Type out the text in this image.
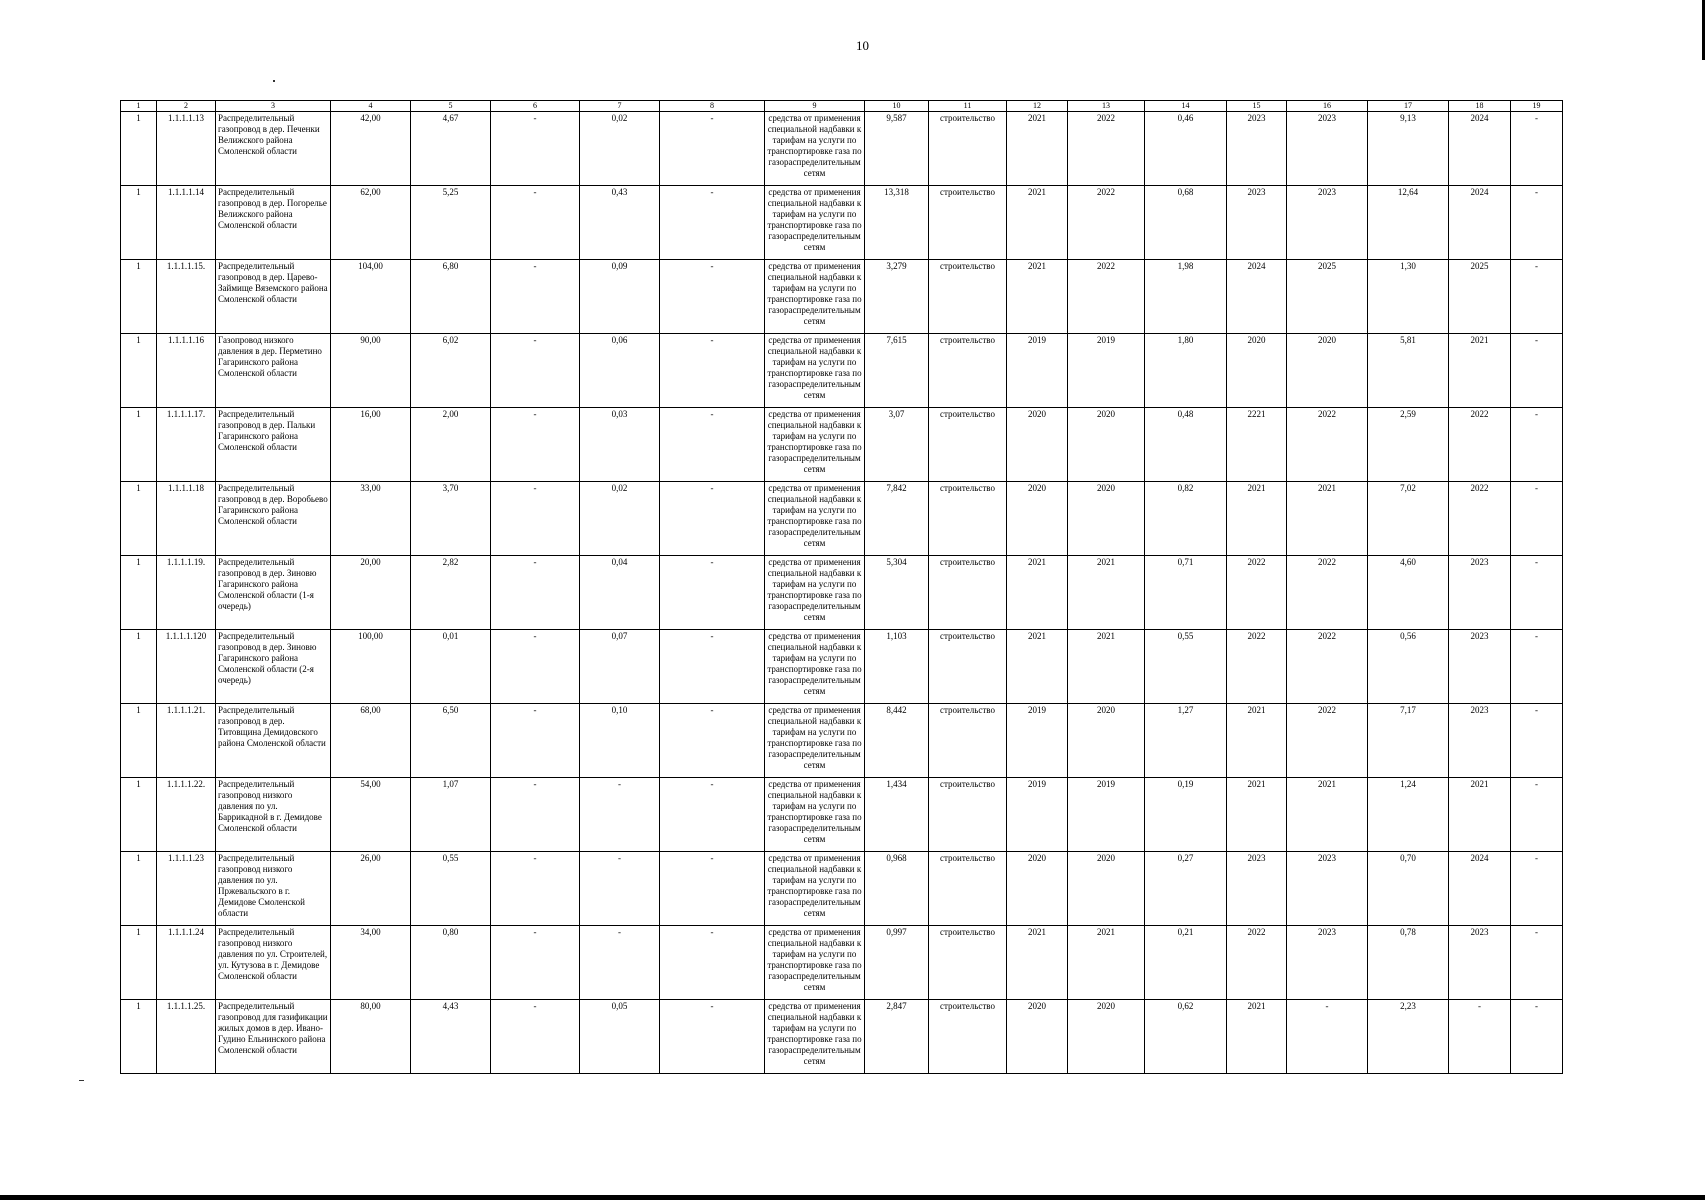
10
1	2	3	4	5	6	7	8	9	10	11	12	13	14	15	16	17	18	19
1	1.1.1.1.13	Распределительный газопровод в дер. Печенки Велижского района Смоленской области	42,00	4,67	-	0,02	-	средства от применения специальной надбавки к тарифам на услуги по транспортировке газа по газораспределительным сетям	9,587	строительство	2021	2022	0,46	2023	2023	9,13	2024	-
1	1.1.1.1.14	Распределительный газопровод в дер. Погорелье Велижского района Смоленской области	62,00	5,25	-	0,43	-	средства от применения специальной надбавки к тарифам на услуги по транспортировке газа по газораспределительным сетям	13,318	строительство	2021	2022	0,68	2023	2023	12,64	2024	-
1	1.1.1.1.15.	Распределительный газопровод в дер. Царево-Займище Вяземского района Смоленской области	104,00	6,80	-	0,09	-	средства от применения специальной надбавки к тарифам на услуги по транспортировке газа по газораспределительным сетям	3,279	строительство	2021	2022	1,98	2024	2025	1,30	2025	-
1	1.1.1.1.16	Газопровод низкого давления в дер. Перметино Гагаринского района Смоленской области	90,00	6,02	-	0,06	-	средства от применения специальной надбавки к тарифам на услуги по транспортировке газа по газораспределительным сетям	7,615	строительство	2019	2019	1,80	2020	2020	5,81	2021	-
1	1.1.1.1.17.	Распределительный газопровод в дер. Пальки Гагаринского района Смоленской области	16,00	2,00	-	0,03	-	средства от применения специальной надбавки к тарифам на услуги по транспортировке газа по газораспределительным сетям	3,07	строительство	2020	2020	0,48	2221	2022	2,59	2022	-
1	1.1.1.1.18	Распределительный газопровод в дер. Воробьево Гагаринского района Смоленской области	33,00	3,70	-	0,02	-	средства от применения специальной надбавки к тарифам на услуги по транспортировке газа по газораспределительным сетям	7,842	строительство	2020	2020	0,82	2021	2021	7,02	2022	-
1	1.1.1.1.19.	Распределительный газопровод в дер. Зиновю Гагаринского района Смоленской области (1-я очередь)	20,00	2,82	-	0,04	-	средства от применения специальной надбавки к тарифам на услуги по транспортировке газа по газораспределительным сетям	5,304	строительство	2021	2021	0,71	2022	2022	4,60	2023	-
1	1.1.1.1.120	Распределительный газопровод в дер. Зиновю Гагаринского района Смоленской области (2-я очередь)	100,00	0,01	-	0,07	-	средства от применения специальной надбавки к тарифам на услуги по транспортировке газа по газораспределительным сетям	1,103	строительство	2021	2021	0,55	2022	2022	0,56	2023	-
1	1.1.1.1.21.	Распределительный газопровод в дер. Титовщина Демидовского района Смоленской области	68,00	6,50	-	0,10	-	средства от применения специальной надбавки к тарифам на услуги по транспортировке газа по газораспределительным сетям	8,442	строительство	2019	2020	1,27	2021	2022	7,17	2023	-
1	1.1.1.1.22.	Распределительный газопровод низкого давления по ул. Баррикадной в г. Демидове Смоленской области	54,00	1,07	-	-	-	средства от применения специальной надбавки к тарифам на услуги по транспортировке газа по газораспределительным сетям	1,434	строительство	2019	2019	0,19	2021	2021	1,24	2021	-
1	1.1.1.1.23	Распределительный газопровод низкого давления по ул. Пржевальского в г. Демидове Смоленской области	26,00	0,55	-	-	-	средства от применения специальной надбавки к тарифам на услуги по транспортировке газа по газораспределительным сетям	0,968	строительство	2020	2020	0,27	2023	2023	0,70	2024	-
1	1.1.1.1.24	Распределительный газопровод низкого давления по ул. Строителей, ул. Кутузова в г. Демидове Смоленской области	34,00	0,80	-	-	-	средства от применения специальной надбавки к тарифам на услуги по транспортировке газа по газораспределительным сетям	0,997	строительство	2021	2021	0,21	2022	2023	0,78	2023	-
1	1.1.1.1.25.	Распределительный газопровод для газификации жилых домов в дер. Ивано-Гудино Ельнинского района Смоленской области	80,00	4,43	-	0,05	-	средства от применения специальной надбавки к тарифам на услуги по транспортировке газа по газораспределительным сетям	2,847	строительство	2020	2020	0,62	2021	-	2,23	-	-
